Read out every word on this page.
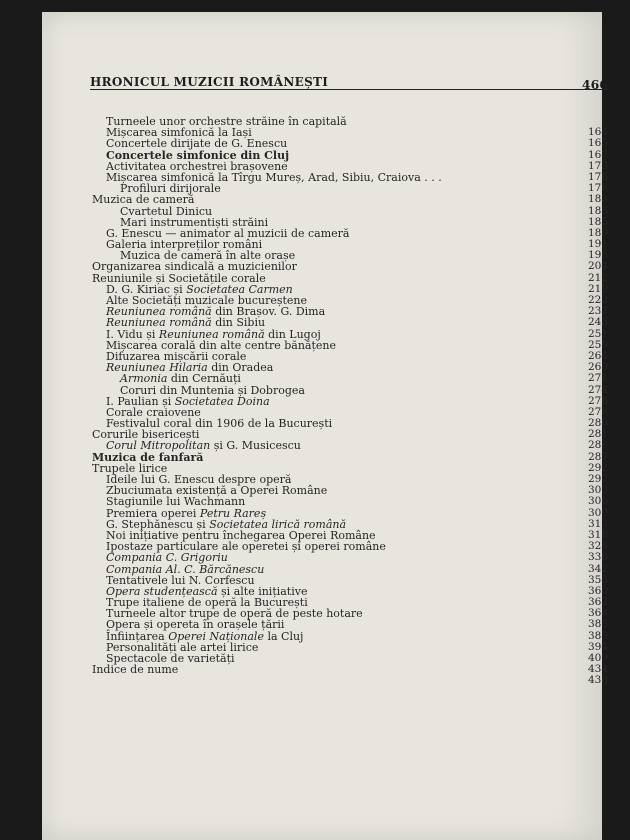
HRONICUL MUZICII ROMÂNEȘTI	466
Turneele unor orchestre străine în capitală
Mișcarea simfonică la Iași	164
Concertele dirijate de G. Enescu	165
Concertele simfonice din Cluj	167
Activitatea orchestrei brașovene	173
Mișcarea simfonică la Tîrgu Mureș, Arad, Sibiu, Craiova . . .	176
Profiluri dirijorale	178
Muzica de cameră	183
Cvartetul Dinicu	185
Mari instrumentiști străini	185
G. Enescu — animator al muzicii de cameră	189
Galeria interpreților români	191
Muzica de cameră în alte orașe	196
Organizarea sindicală a muzicienilor	204
Reuniunile și Societățile corale	212
D. G. Kiriac și Societatea Carmen	219
Alte Societăți muzicale bucureștene	222
Reuniunea română din Brașov. G. Dima	237
Reuniunea română din Sibiu	245
I. Vidu și Reuniunea română din Lugoj	251
Mișcarea corală din alte centre bănățene	259
Difuzarea mișcării corale	264
Reuniunea Hilaria din Oradea	269
Armonia din Cernăuți	271
Coruri din Muntenia și Dobrogea	274
I. Paulian și Societatea Doina	276
Corale craiovene	278
Festivalul coral din 1906 de la București	280
Corurile bisericești	281
Corul Mitropolitan și G. Musicescu	286
Muzica de fanfară	287
Trupele lirice	292
Ideile lui G. Enescu despre operă	297
Zbuciumata existență a Operei Române	303
Stagiunile lui Wachmann	306
Premiera operei Petru Rareș	309
G. Stephănescu și Societatea lirică română	313
Noi inițiative pentru închegarea Operei Române	318
Ipostaze particulare ale operetei și operei române	324
Compania C. Grigoriu	338
Compania Al. C. Bărcănescu	342
Tentativele lui N. Corfescu	355
Opera studențească și alte inițiative	360
Trupe italiene de operă la București	362
Turneele altor trupe de operă de peste hotare	368
Opera și opereta în orașele țării	383
Înființarea Operei Naționale la Cluj	389
Personalități ale artei lirice	394
Spectacole de varietăți	409
Indice de nume	434
438
